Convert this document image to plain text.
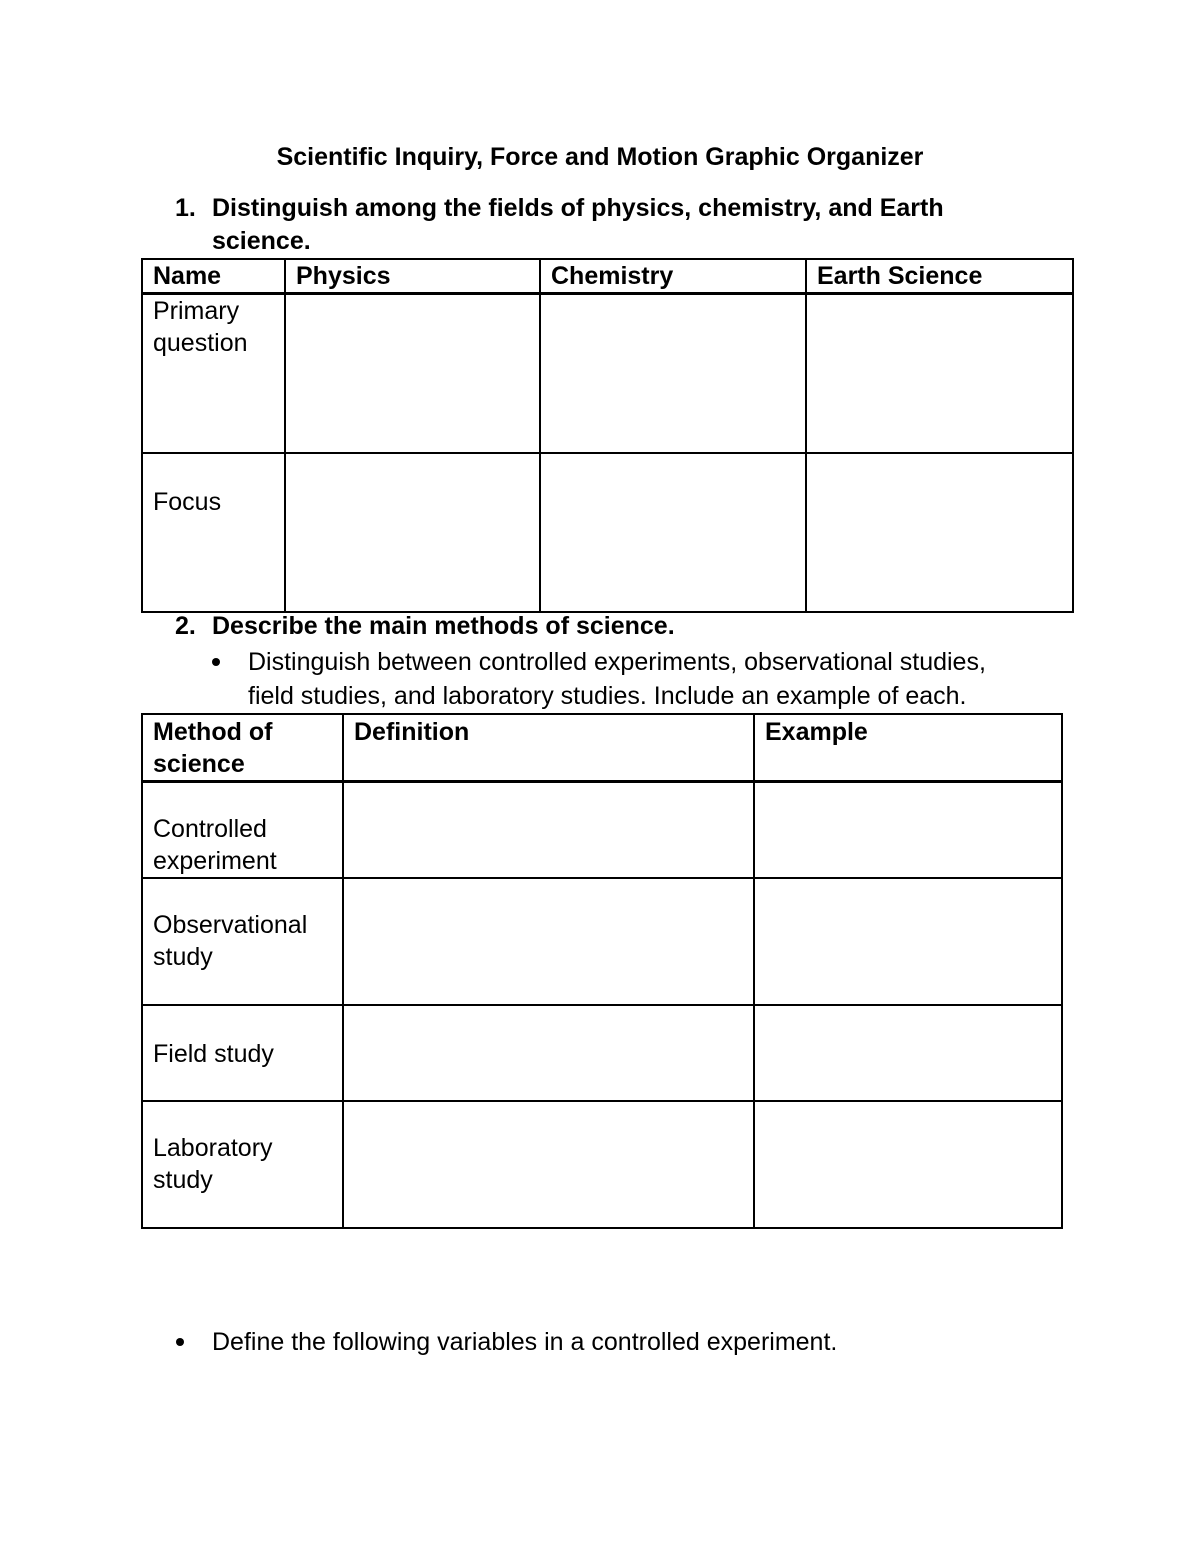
Scientific Inquiry, Force and Motion Graphic Organizer
1. Distinguish among the fields of physics, chemistry, and Earth
science.
Name	Physics	Chemistry	Earth Science

Primary
question			

Focus			

2. Describe the main methods of science.
Distinguish between controlled experiments, observational studies,
field studies, and laboratory studies. Include an example of each.
Method of
science	Definition	Example

Controlled
experiment		

Observational
study		

Field study		

Laboratory
study		

Define the following variables in a controlled experiment.
